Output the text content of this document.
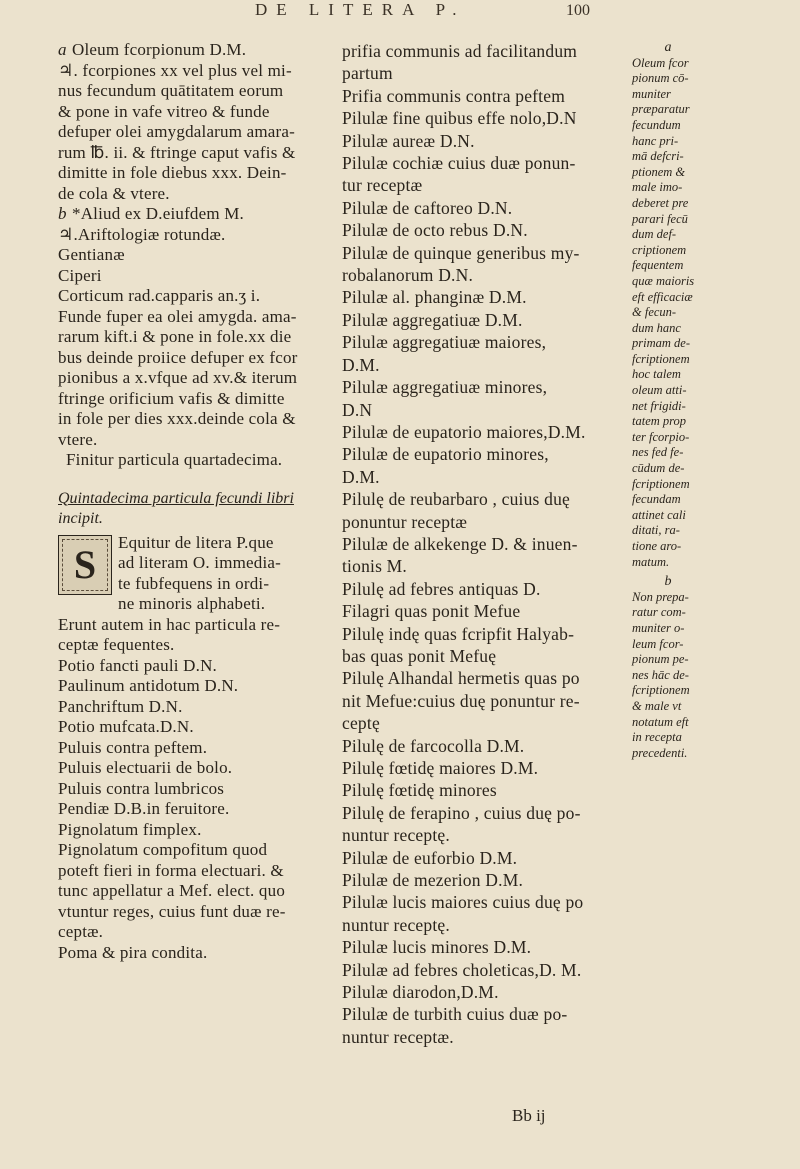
DE LITERA P.	100
a Oleum fcorpionum D.M.
♃. fcorpiones xx vel plus vel mi-
nus fecundum quātitatem eorum
& pone in vafe vitreo & funde
defuper olei amygdalarum amara-
rum ℔. ii. & ftringe caput vafis &
dimitte in fole diebus xxx. Dein-
de cola & vtere.
b *Aliud ex D.eiufdem M.
♃.Ariftologiæ rotundæ.
Gentianæ
Ciperi
Corticum rad.capparis an.ʒ i.
Funde fuper ea olei amygda. ama-
rarum kift.i & pone in fole.xx die
bus deinde proiice defuper ex fcor
pionibus a x.vfque ad xv.& iterum
ftringe orificium vafis & dimitte
in fole per dies xxx.deinde cola &
vtere.
Finitur particula quartadecima.
Quintadecima particula fecundi libri
incipit.
S	Equitur de litera P.que
ad literam O. immedia-
te fubfequens in ordi-
ne minoris alphabeti.
Erunt autem in hac particula re-
ceptæ fequentes.
Potio fancti pauli D.N.
Paulinum antidotum D.N.
Panchriftum D.N.
Potio mufcata.D.N.
Puluis contra peftem.
Puluis electuarii de bolo.
Puluis contra lumbricos
Pendiæ D.B.in feruitore.
Pignolatum fimplex.
Pignolatum compofitum quod
poteft fieri in forma electuari. &
tunc appellatur a Mef. elect. quo
vtuntur reges, cuius funt duæ re-
ceptæ.
Poma & pira condita.
prifia communis ad facilitandum
partum
Prifia communis contra peftem
Pilulæ fine quibus effe nolo,D.N
Pilulæ aureæ D.N.
Pilulæ cochiæ cuius duæ ponun-
tur receptæ
Pilulæ de caftoreo D.N.
Pilulæ de octo rebus D.N.
Pilulæ de quinque generibus my-
robalanorum D.N.
Pilulæ al. phanginæ D.M.
Pilulæ aggregatiuæ D.M.
Pilulæ aggregatiuæ maiores,
D.M.
Pilulæ aggregatiuæ minores,
D.N
Pilulæ de eupatorio maiores,D.M.
Pilulæ de eupatorio minores,
D.M.
Pilulę de reubarbaro , cuius duę
ponuntur receptæ
Pilulæ de alkekenge D. & inuen-
tionis M.
Pilulę ad febres antiquas D.
Filagri quas ponit Mefue
Pilulę indę quas fcripfit Halyab-
bas quas ponit Mefuę
Pilulę Alhandal hermetis quas po
nit Mefue:cuius duę ponuntur re-
ceptę
Pilulę de farcocolla D.M.
Pilulę fœtidę maiores D.M.
Pilulę fœtidę minores
Pilulę de ferapino , cuius duę po-
nuntur receptę.
Pilulæ de euforbio D.M.
Pilulæ de mezerion D.M.
Pilulæ lucis maiores cuius duę po
nuntur receptę.
Pilulæ lucis minores D.M.
Pilulæ ad febres choleticas,D. M.
Pilulæ diarodon,D.M.
Pilulæ de turbith cuius duæ po-
nuntur receptæ.
a
Oleum fcor
pionum cō-
muniter
præparatur
fecundum
hanc pri-
mā defcri-
ptionem &
male imo-
deberet pre
parari fecū
dum def-
criptionem
fequentem
quæ maioris
eft efficaciæ
& fecun-
dum hanc
primam de-
fcriptionem
hoc talem
oleum atti-
net frigidi-
tatem prop
ter fcorpio-
nes fed fe-
cūdum de-
fcriptionem
fecundam
attinet cali
ditati, ra-
tione aro-
matum.
b
Non prepa-
ratur com-
muniter o-
leum fcor-
pionum pe-
nes hāc de-
fcriptionem
& male vt
notatum eft
in recepta
precedenti.
Bb ij
